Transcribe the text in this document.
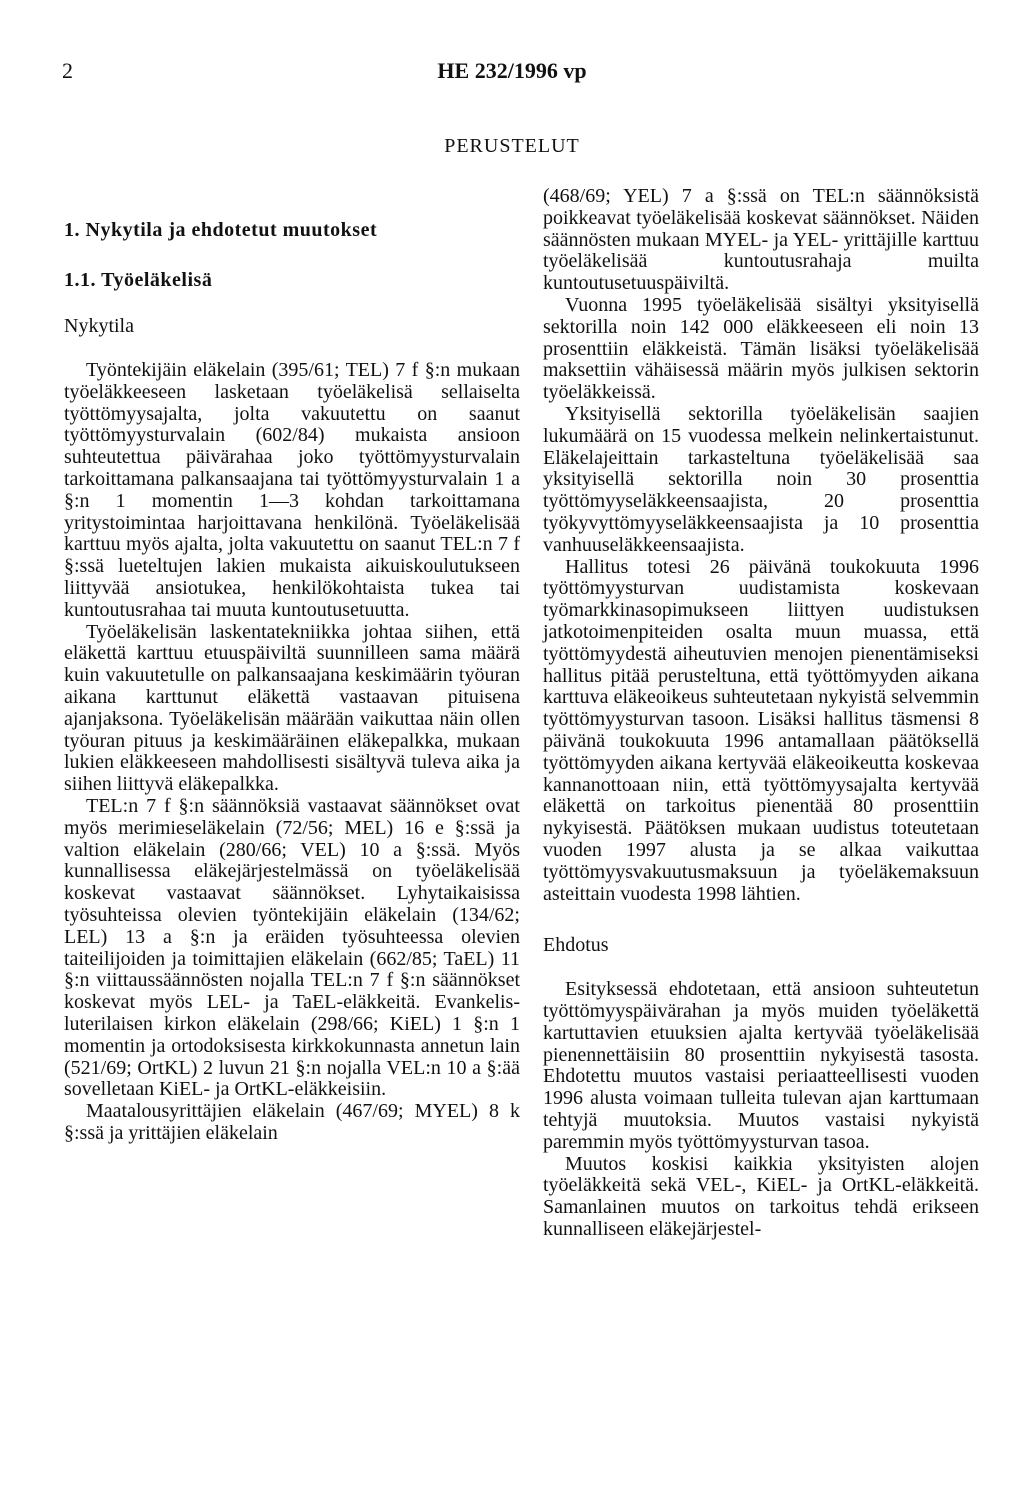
2	HE 232/1996 vp
PERUSTELUT
1. Nykytila ja ehdotetut muutokset
1.1. Työeläkelisä
Nykytila

Työntekijäin eläkelain (395/61; TEL) 7 f §:n mukaan työeläkkeeseen lasketaan työeläkelisä sellaiselta työttömyysajalta, jolta vakuutettu on saanut työttömyysturvalain (602/84) mukaista ansioon suhteutettua päivärahaa joko työttömyysturvalain tarkoittamana palkansaajana tai työttömyysturvalain 1 a §:n 1 momentin 1—3 kohdan tarkoittamana yritystoimintaa harjoittavana henkilönä. Työeläkelisää karttuu myös ajalta, jolta vakuutettu on saanut TEL:n 7 f §:ssä lueteltujen lakien mukaista aikuiskoulutukseen liittyvää ansiotukea, henkilökohtaista tukea tai kuntoutusrahaa tai muuta kuntoutusetuutta.

Työeläkelisän laskentatekniikka johtaa siihen, että eläkettä karttuu etuuspäiviltä suunnilleen sama määrä kuin vakuutetulle on palkansaajana keskimäärin työuran aikana karttunut eläkettä vastaavan pituisena ajanjaksona. Työeläkelisän määrään vaikuttaa näin ollen työuran pituus ja keskimääräinen eläkepalkka, mukaan lukien eläkkeeseen mahdollisesti sisältyvä tuleva aika ja siihen liittyvä eläkepalkka.

TEL:n 7 f §:n säännöksiä vastaavat säännökset ovat myös merimieseläkelain (72/56; MEL) 16 e §:ssä ja valtion eläkelain (280/66; VEL) 10 a §:ssä. Myös kunnallisessa eläkejärjestelmässä on työeläkelisää koskevat vastaavat säännökset. Lyhytaikaisissa työsuhteissa olevien työntekijäin eläkelain (134/62; LEL) 13 a §:n ja eräiden työsuhteessa olevien taiteilijoiden ja toimittajien eläkelain (662/85; TaEL) 11 §:n viittaussäännösten nojalla TEL:n 7 f §:n säännökset koskevat myös LEL- ja TaEL-eläkkeitä. Evankelis-luterilaisen kirkon eläkelain (298/66; KiEL) 1 §:n 1 momentin ja ortodoksisesta kirkkokunnasta annetun lain (521/69; OrtKL) 2 luvun 21 §:n nojalla VEL:n 10 a §:ää sovelletaan KiEL- ja OrtKL-eläkkeisiin.

Maatalousyrittäjien eläkelain (467/69; MYEL) 8 k §:ssä ja yrittäjien eläkelain

(468/69; YEL) 7 a §:ssä on TEL:n säännöksistä poikkeavat työeläkelisää koskevat säännökset. Näiden säännösten mukaan MYEL- ja YEL- yrittäjille karttuu työeläkelisää kuntoutusrahaja muilta kuntoutusetuuspäiviltä.

Vuonna 1995 työeläkelisää sisältyi yksityisellä sektorilla noin 142 000 eläkkeeseen eli noin 13 prosenttiin eläkkeistä. Tämän lisäksi työeläkelisää maksettiin vähäisessä määrin myös julkisen sektorin työeläkkeissä.

Yksityisellä sektorilla työeläkelisän saajien lukumäärä on 15 vuodessa melkein nelinkertaistunut. Eläkelajeittain tarkasteltuna työeläkelisää saa yksityisellä sektorilla noin 30 prosenttia työttömyyseläkkeensaajista, 20 prosenttia työkyvyttömyyseläkkeensaajista ja 10 prosenttia vanhuuseläkkeensaajista.

Hallitus totesi 26 päivänä toukokuuta 1996 työttömyysturvan uudistamista koskevaan työmarkkinasopimukseen liittyen uudistuksen jatkotoimenpiteiden osalta muun muassa, että työttömyydestä aiheutuvien menojen pienentämiseksi hallitus pitää perusteltuna, että työttömyyden aikana karttuva eläkeoikeus suhteutetaan nykyistä selvemmin työttömyysturvan tasoon. Lisäksi hallitus täsmensi 8 päivänä toukokuuta 1996 antamallaan päätöksellä työttömyyden aikana kertyvää eläkeoikeutta koskevaa kannanottoaan niin, että työttömyysajalta kertyvää eläkettä on tarkoitus pienentää 80 prosenttiin nykyisestä. Päätöksen mukaan uudistus toteutetaan vuoden 1997 alusta ja se alkaa vaikuttaa työttömyysvakuutusmaksuun ja työeläkemaksuun asteittain vuodesta 1998 lähtien.

Ehdotus

Esityksessä ehdotetaan, että ansioon suhteutetun työttömyyspäivärahan ja myös muiden työeläkettä kartuttavien etuuksien ajalta kertyvää työeläkelisää pienennettäisiin 80 prosenttiin nykyisestä tasosta. Ehdotettu muutos vastaisi periaatteellisesti vuoden 1996 alusta voimaan tulleita tulevan ajan karttumaan tehtyjä muutoksia. Muutos vastaisi nykyistä paremmin myös työttömyysturvan tasoa.

Muutos koskisi kaikkia yksityisten alojen työeläkkeitä sekä VEL-, KiEL- ja OrtKL-eläkkeitä. Samanlainen muutos on tarkoitus tehdä erikseen kunnalliseen eläkejärjestel-
